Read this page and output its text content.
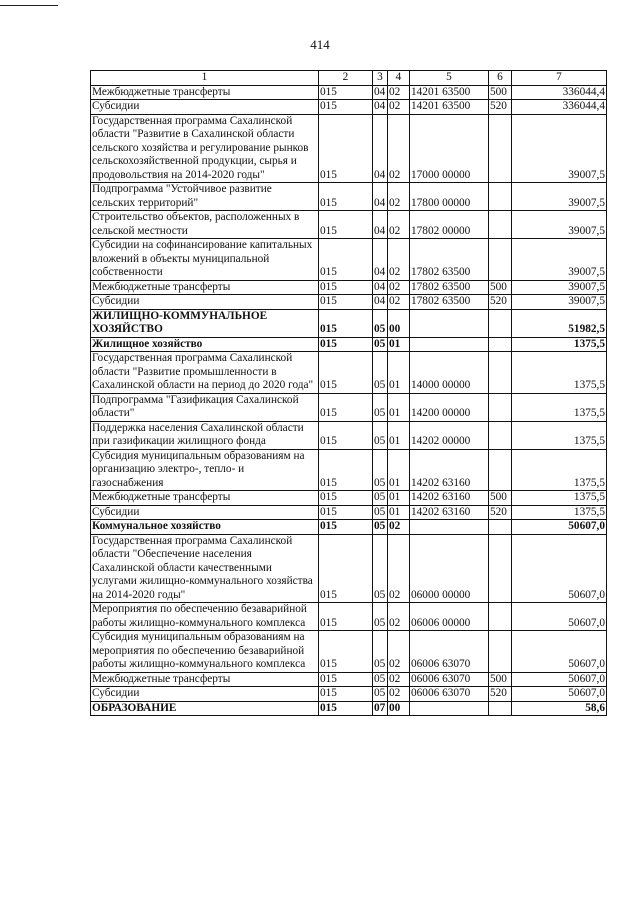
414
1	2	3	4	5	6	7
Межбюджетные трансферты	015	04	02	14201 63500	500	336044,4
Субсидии	015	04	02	14201 63500	520	336044,4
Государственная программа Сахалинской области "Развитие в Сахалинской области сельского хозяйства и регулирование рынков сельскохозяйственной продукции, сырья и продовольствия на 2014-2020 годы"	015	04	02	17000 00000		39007,5
Подпрограмма "Устойчивое развитие сельских территорий"	015	04	02	17800 00000		39007,5
Строительство объектов, расположенных в сельской местности	015	04	02	17802 00000		39007,5
Субсидии на софинансирование капитальных вложений в объекты муниципальной собственности	015	04	02	17802 63500		39007,5
Межбюджетные трансферты	015	04	02	17802 63500	500	39007,5
Субсидии	015	04	02	17802 63500	520	39007,5
ЖИЛИЩНО-КОММУНАЛЬНОЕ ХОЗЯЙСТВО	015	05	00			51982,5
Жилищное хозяйство	015	05	01			1375,5
Государственная программа Сахалинской области "Развитие промышленности в Сахалинской области на период до 2020 года"	015	05	01	14000 00000		1375,5
Подпрограмма "Газификация Сахалинской области"	015	05	01	14200 00000		1375,5
Поддержка населения Сахалинской области при газификации жилищного фонда	015	05	01	14202 00000		1375,5
Субсидия муниципальным образованиям на организацию электро-, тепло- и газоснабжения	015	05	01	14202 63160		1375,5
Межбюджетные трансферты	015	05	01	14202 63160	500	1375,5
Субсидии	015	05	01	14202 63160	520	1375,5
Коммунальное хозяйство	015	05	02			50607,0
Государственная программа Сахалинской области "Обеспечение населения Сахалинской области качественными услугами жилищно-коммунального хозяйства на 2014-2020 годы"	015	05	02	06000 00000		50607,0
Мероприятия по обеспечению безаварийной работы жилищно-коммунального комплекса	015	05	02	06006 00000		50607,0
Субсидия муниципальным образованиям на мероприятия по обеспечению безаварийной работы жилищно-коммунального комплекса	015	05	02	06006 63070		50607,0
Межбюджетные трансферты	015	05	02	06006 63070	500	50607,0
Субсидии	015	05	02	06006 63070	520	50607,0
ОБРАЗОВАНИЕ	015	07	00			58,6
